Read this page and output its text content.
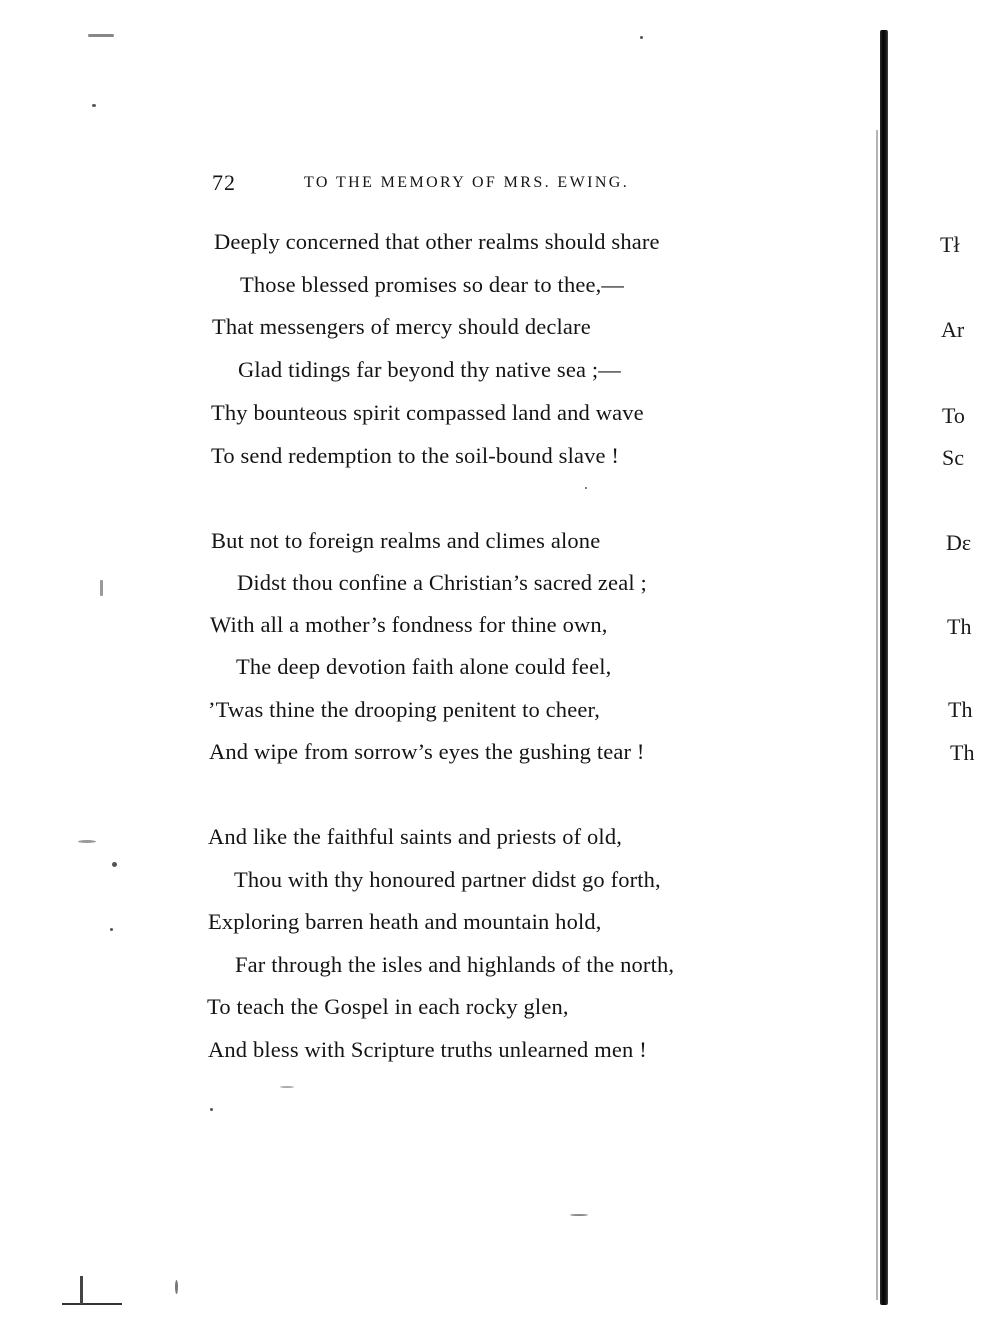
72	TO THE MEMORY OF MRS. EWING.
Deeply concerned that other realms should share
Those blessed promises so dear to thee,—
That messengers of mercy should declare
Glad tidings far beyond thy native sea ;—
Thy bounteous spirit compassed land and wave
To send redemption to the soil-bound slave !
But not to foreign realms and climes alone
Didst thou confine a Christian’s sacred zeal ;
With all a mother’s fondness for thine own,
The deep devotion faith alone could feel,
’Twas thine the drooping penitent to cheer,
And wipe from sorrow’s eyes the gushing tear !
And like the faithful saints and priests of old,
Thou with thy honoured partner didst go forth,
Exploring barren heath and mountain hold,
Far through the isles and highlands of the north,
To teach the Gospel in each rocky glen,
And bless with Scripture truths unlearned men !
Tł
Ar
To
Sc
Dε
Th
Th
Th
